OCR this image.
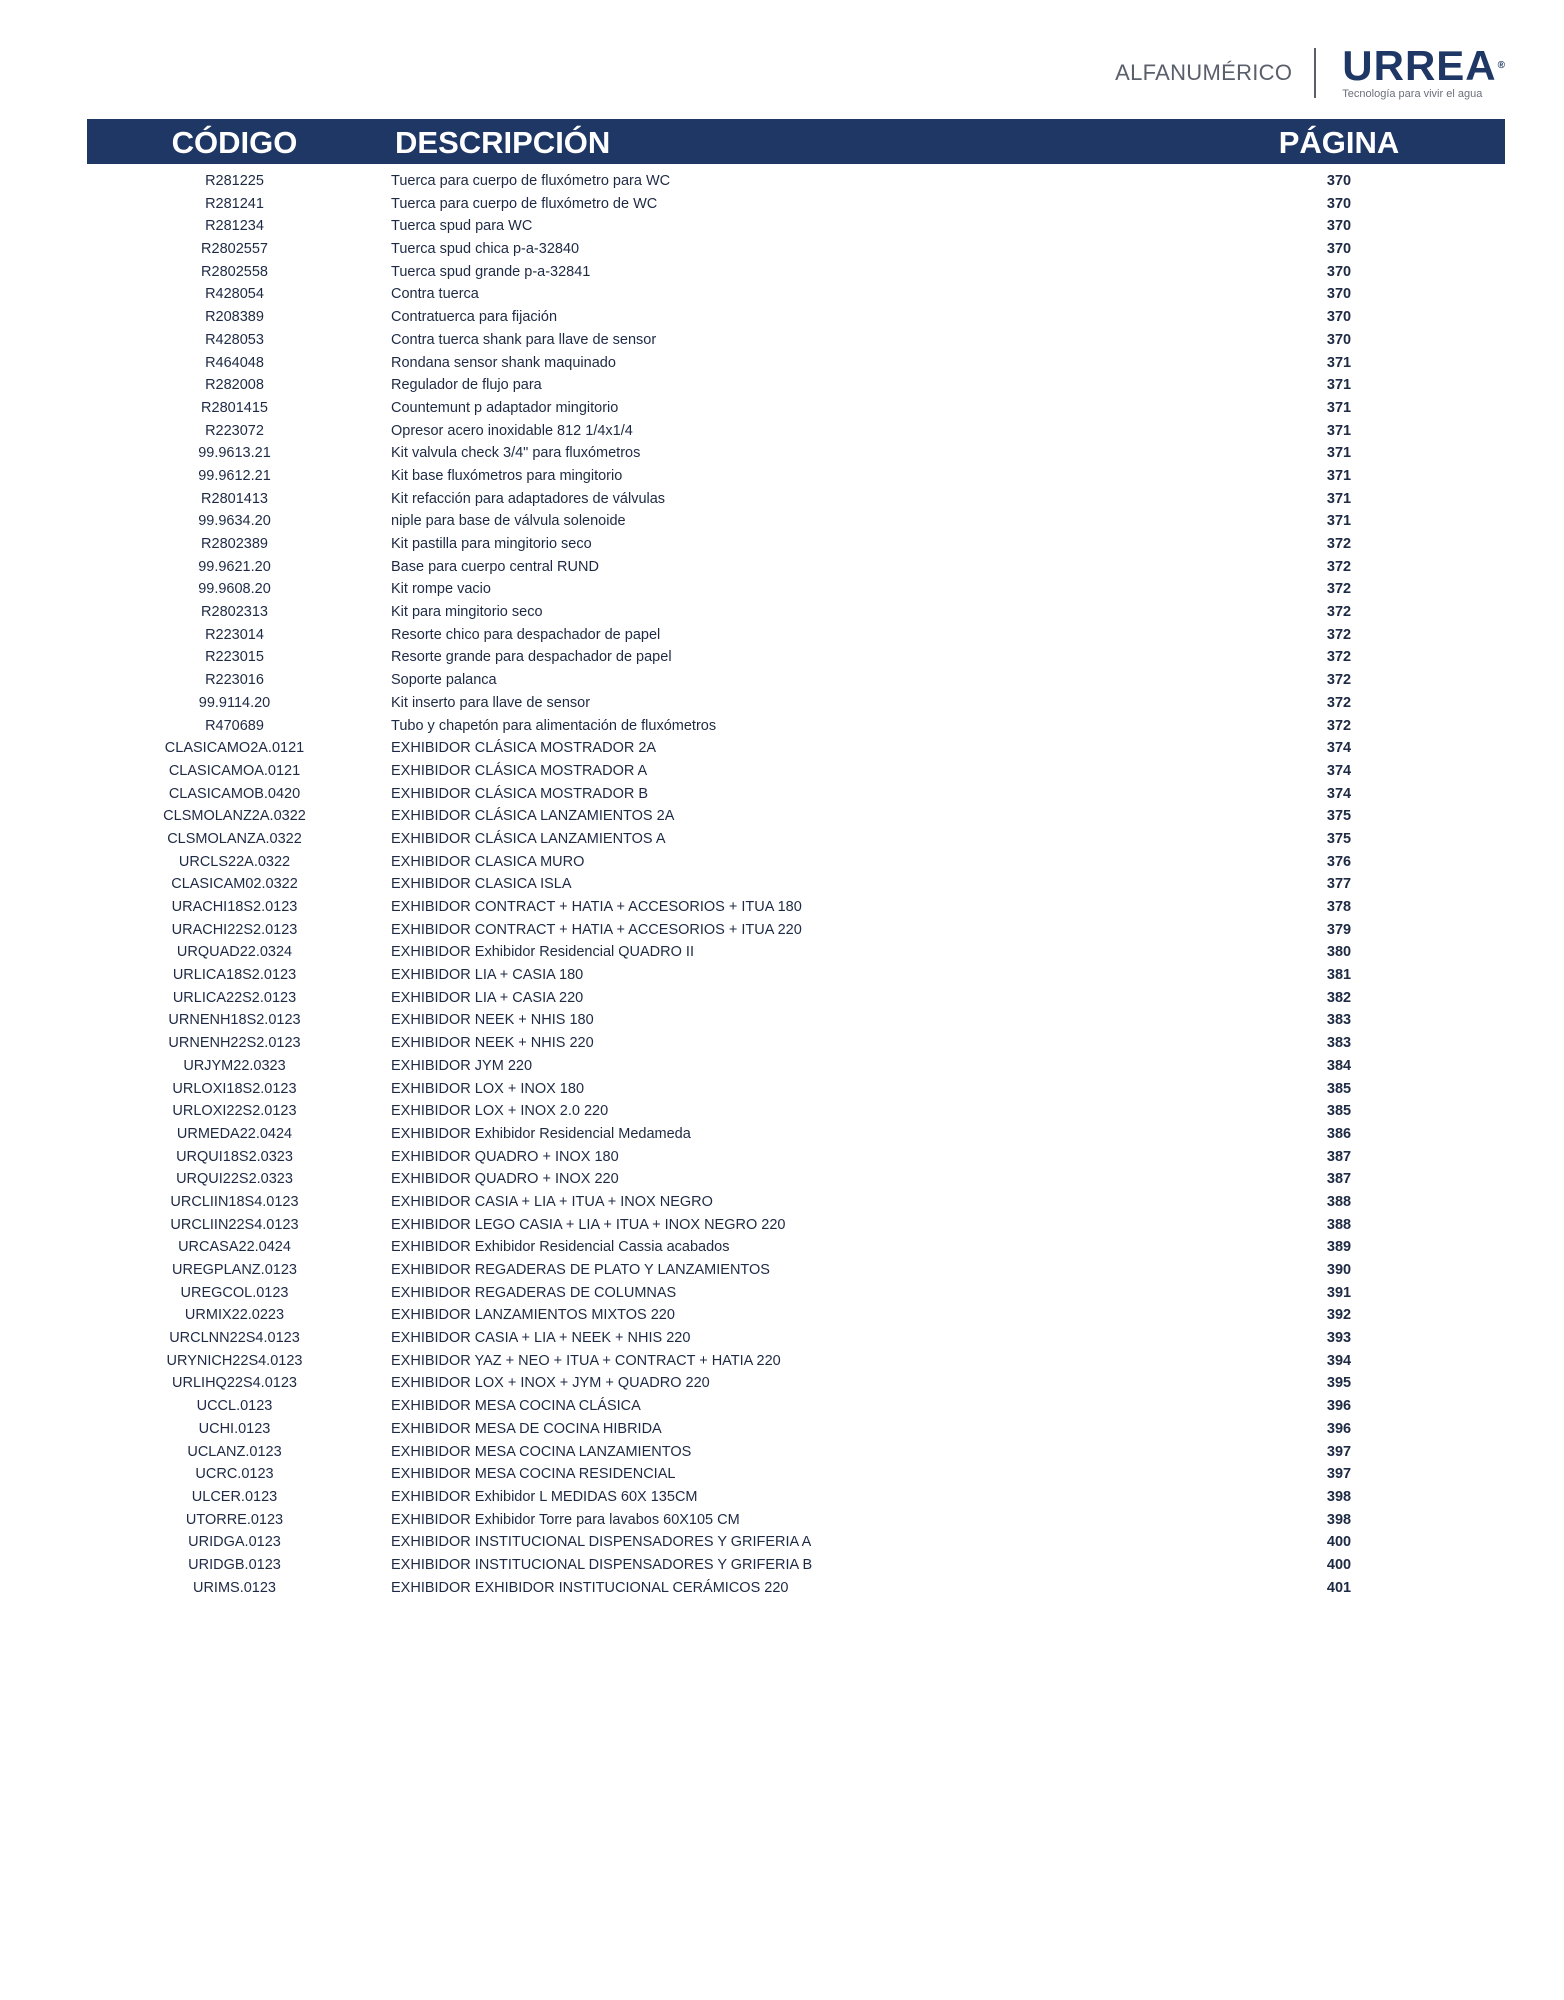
ALFANUMÉRICO URREA®
Tecnología para vivir el agua
CÓDIGO	DESCRIPCIÓN	PÁGINA
R281225	Tuerca para cuerpo de fluxómetro para WC	370
R281241	Tuerca para cuerpo de fluxómetro de WC	370
R281234	Tuerca spud para WC	370
R2802557	Tuerca spud chica p-a-32840	370
R2802558	Tuerca spud grande p-a-32841	370
R428054	Contra tuerca	370
R208389	Contratuerca para fijación	370
R428053	Contra tuerca shank para llave de sensor	370
R464048	Rondana sensor shank maquinado	371
R282008	Regulador de flujo para	371
R2801415	Countemunt p adaptador mingitorio	371
R223072	Opresor acero inoxidable 812 1/4x1/4	371
99.9613.21	Kit valvula check 3/4" para fluxómetros	371
99.9612.21	Kit base fluxómetros para mingitorio	371
R2801413	Kit refacción para adaptadores de válvulas	371
99.9634.20	niple para base de válvula solenoide	371
R2802389	Kit pastilla para mingitorio seco	372
99.9621.20	Base para cuerpo central RUND	372
99.9608.20	Kit rompe vacio	372
R2802313	Kit para mingitorio seco	372
R223014	Resorte chico para despachador de papel	372
R223015	Resorte grande para despachador de papel	372
R223016	Soporte palanca	372
99.9114.20	Kit inserto para llave de sensor	372
R470689	Tubo y chapetón para alimentación de fluxómetros	372
CLASICAMO2A.0121	EXHIBIDOR CLÁSICA MOSTRADOR 2A	374
CLASICAMOA.0121	EXHIBIDOR CLÁSICA MOSTRADOR A	374
CLASICAMOB.0420	EXHIBIDOR CLÁSICA MOSTRADOR B	374
CLSMOLANZ2A.0322	EXHIBIDOR CLÁSICA LANZAMIENTOS 2A	375
CLSMOLANZA.0322	EXHIBIDOR CLÁSICA LANZAMIENTOS A	375
URCLS22A.0322	EXHIBIDOR CLASICA MURO	376
CLASICAM02.0322	EXHIBIDOR CLASICA ISLA	377
URACHI18S2.0123	EXHIBIDOR CONTRACT + HATIA + ACCESORIOS + ITUA 180	378
URACHI22S2.0123	EXHIBIDOR CONTRACT + HATIA + ACCESORIOS + ITUA 220	379
URQUAD22.0324	EXHIBIDOR Exhibidor Residencial QUADRO II	380
URLICA18S2.0123	EXHIBIDOR LIA + CASIA 180	381
URLICA22S2.0123	EXHIBIDOR LIA + CASIA 220	382
URNENH18S2.0123	EXHIBIDOR NEEK + NHIS 180	383
URNENH22S2.0123	EXHIBIDOR NEEK + NHIS 220	383
URJYM22.0323	EXHIBIDOR JYM 220	384
URLOXI18S2.0123	EXHIBIDOR LOX + INOX 180	385
URLOXI22S2.0123	EXHIBIDOR LOX + INOX 2.0 220	385
URMEDA22.0424	EXHIBIDOR Exhibidor Residencial Medameda	386
URQUI18S2.0323	EXHIBIDOR QUADRO + INOX 180	387
URQUI22S2.0323	EXHIBIDOR QUADRO + INOX 220	387
URCLIIN18S4.0123	EXHIBIDOR CASIA + LIA + ITUA + INOX NEGRO	388
URCLIIN22S4.0123	EXHIBIDOR LEGO CASIA + LIA + ITUA + INOX NEGRO 220	388
URCASA22.0424	EXHIBIDOR Exhibidor Residencial Cassia acabados	389
UREGPLANZ.0123	EXHIBIDOR REGADERAS DE PLATO Y LANZAMIENTOS	390
UREGCOL.0123	EXHIBIDOR REGADERAS DE COLUMNAS	391
URMIX22.0223	EXHIBIDOR LANZAMIENTOS MIXTOS 220	392
URCLNN22S4.0123	EXHIBIDOR CASIA + LIA + NEEK + NHIS 220	393
URYNICH22S4.0123	EXHIBIDOR YAZ + NEO + ITUA + CONTRACT + HATIA 220	394
URLIHQ22S4.0123	EXHIBIDOR LOX + INOX + JYM + QUADRO 220	395
UCCL.0123	EXHIBIDOR MESA COCINA CLÁSICA	396
UCHI.0123	EXHIBIDOR MESA DE COCINA HIBRIDA	396
UCLANZ.0123	EXHIBIDOR MESA COCINA LANZAMIENTOS	397
UCRC.0123	EXHIBIDOR MESA COCINA RESIDENCIAL	397
ULCER.0123	EXHIBIDOR Exhibidor L MEDIDAS 60X 135CM	398
UTORRE.0123	EXHIBIDOR Exhibidor Torre para lavabos 60X105 CM	398
URIDGA.0123	EXHIBIDOR INSTITUCIONAL DISPENSADORES Y GRIFERIA A	400
URIDGB.0123	EXHIBIDOR INSTITUCIONAL DISPENSADORES Y GRIFERIA B	400
URIMS.0123	EXHIBIDOR EXHIBIDOR INSTITUCIONAL CERÁMICOS 220	401
